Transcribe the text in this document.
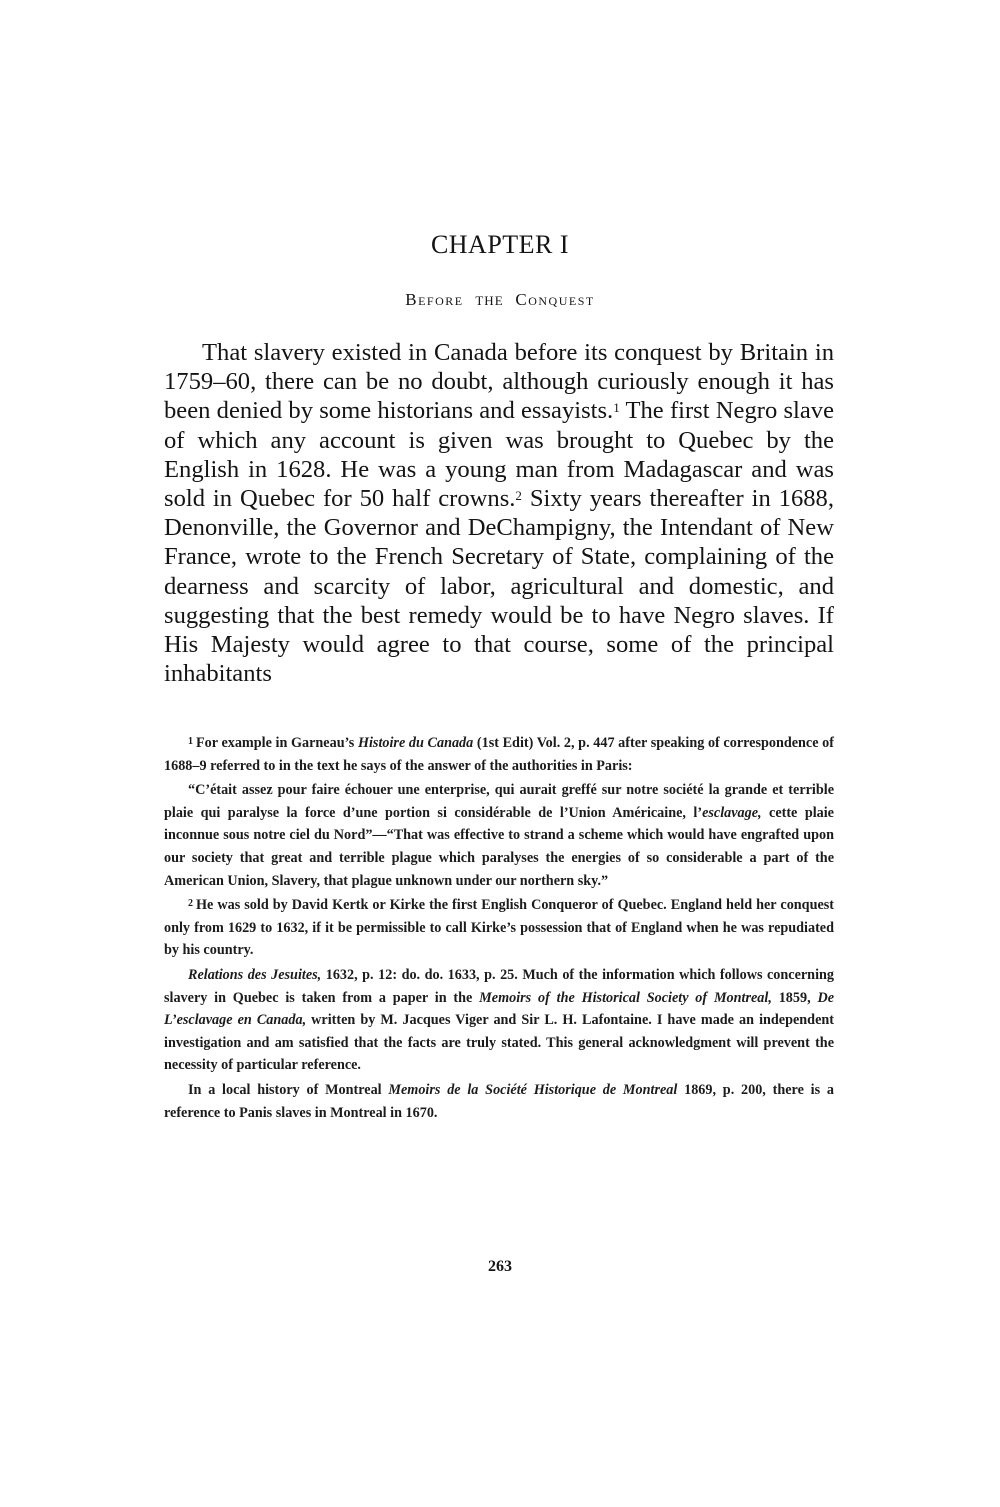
CHAPTER I
Before THE Conquest

That slavery existed in Canada before its conquest by Britain in 1759–60, there can be no doubt, although curiously enough it has been denied by some historians and essayists.$^1$ The first Negro slave of which any account is given was brought to Quebec by the English in 1628. He was a young man from Madagascar and was sold in Quebec for 50 half crowns.$^2$ Sixty years thereafter in 1688, Denonville, the Governor and DeChampigny, the Intendant of New France, wrote to the French Secretary of State, complaining of the dearness and scarcity of labor, agricultural and domestic, and suggesting that the best remedy would be to have Negro slaves. If His Majesty would agree to that course, some of the principal inhabitants

$^1$ For example in Garneau’s Histoire du Canada (1st Edit) Vol. 2, p. 447 after speaking of correspondence of 1688–9 referred to in the text he says of the answer of the authorities in Paris:

“C’était assez pour faire échouer une enterprise, qui aurait greffé sur notre société la grande et terrible plaie qui paralyse la force d’une portion si considérable de l’Union Américaine, l’esclavage, cette plaie inconnue sous notre ciel du Nord”—“That was effective to strand a scheme which would have engrafted upon our society that great and terrible plague which paralyses the energies of so considerable a part of the American Union, Slavery, that plague unknown under our northern sky.”

$^2$ He was sold by David Kertk or Kirke the first English Conqueror of Quebec. England held her conquest only from 1629 to 1632, if it be permissible to call Kirke’s possession that of England when he was repudiated by his country.

Relations des Jesuites, 1632, p. 12: do. do. 1633, p. 25. Much of the information which follows concerning slavery in Quebec is taken from a paper in the Memoirs of the Historical Society of Montreal, 1859, De L’esclavage en Canada, written by M. Jacques Viger and Sir L. H. Lafontaine. I have made an independent investigation and am satisfied that the facts are truly stated. This general acknowledgment will prevent the necessity of particular reference.

In a local history of Montreal Memoirs de la Société Historique de Montreal 1869, p. 200, there is a reference to Panis slaves in Montreal in 1670.

263
